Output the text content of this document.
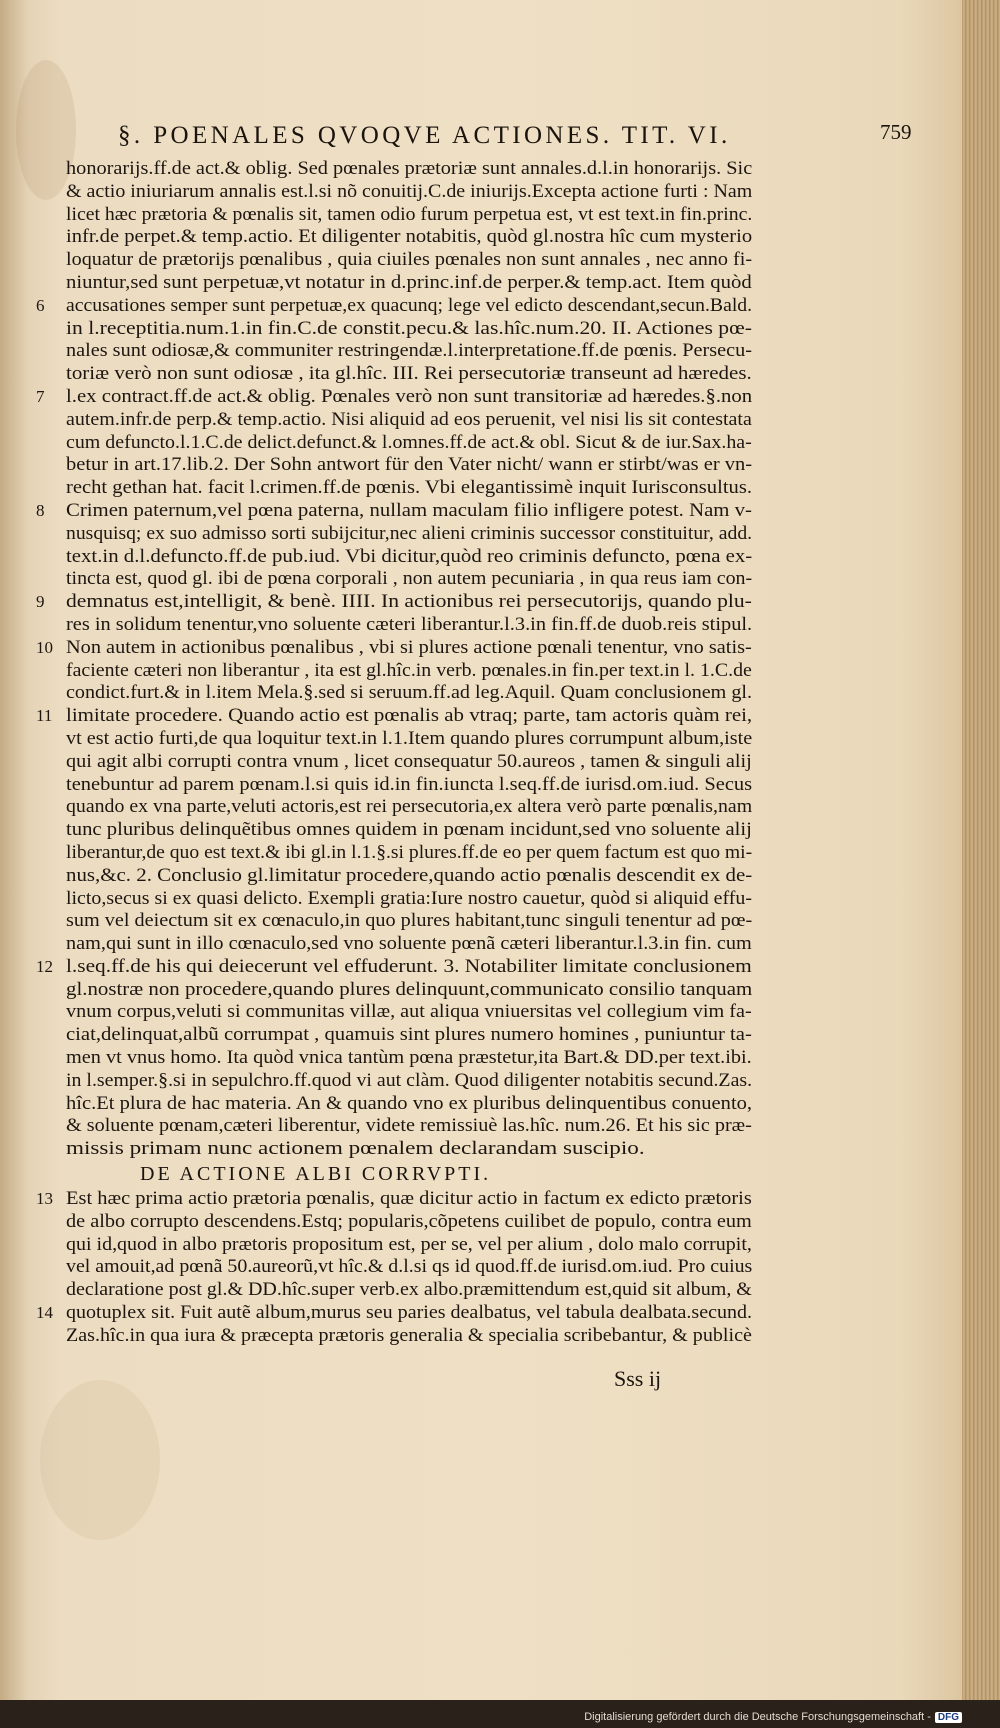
§. POENALES QVOQVE ACTIONES. TIT. VI.	759
honorarijs.ff.de act.& oblig. Sed pœnales prætoriæ sunt annales.d.l.in honorarijs. Sic
& actio iniuriarum annalis est.l.si nõ conuitij.C.de iniurijs.Excepta actione furti : Nam
licet hæc prætoria & pœnalis sit, tamen odio furum perpetua est, vt est text.in fin.princ.
infr.de perpet.& temp.actio. Et diligenter notabitis, quòd gl.nostra hîc cum mysterio
loquatur de prætorijs pœnalibus , quia ciuiles pœnales non sunt annales , nec anno fi-
niuntur,sed sunt perpetuæ,vt notatur in d.princ.inf.de perper.& temp.act. Item quòd
6 accusationes semper sunt perpetuæ,ex quacunq; lege vel edicto descendant,secun.Bald.
in l.receptitia.num.1.in fin.C.de constit.pecu.& las.hîc.num.20. II. Actiones pœ-
nales sunt odiosæ,& communiter restringendæ.l.interpretatione.ff.de pœnis. Persecu-
toriæ verò non sunt odiosæ , ita gl.hîc. III. Rei persecutoriæ transeunt ad hæredes.
7 l.ex contract.ff.de act.& oblig. Pœnales verò non sunt transitoriæ ad hæredes.§.non
autem.infr.de perp.& temp.actio. Nisi aliquid ad eos peruenit, vel nisi lis sit contestata
cum defuncto.l.1.C.de delict.defunct.& l.omnes.ff.de act.& obl. Sicut & de iur.Sax.ha-
betur in art.17.lib.2. Der Sohn antwort für den Vater nicht/ wann er stirbt/was er vn-
recht gethan hat. facit l.crimen.ff.de pœnis. Vbi elegantissimè inquit Iurisconsultus.
8 Crimen paternum,vel pœna paterna, nullam maculam filio infligere potest. Nam v-
nusquisq; ex suo admisso sorti subijcitur,nec alieni criminis successor constituitur, add.
text.in d.l.defuncto.ff.de pub.iud. Vbi dicitur,quòd reo criminis defuncto, pœna ex-
tincta est, quod gl. ibi de pœna corporali , non autem pecuniaria , in qua reus iam con-
9 demnatus est,intelligit, & benè. IIII. In actionibus rei persecutorijs, quando plu-
res in solidum tenentur,vno soluente cæteri liberantur.l.3.in fin.ff.de duob.reis stipul.
10 Non autem in actionibus pœnalibus , vbi si plures actione pœnali tenentur, vno satis-
faciente cæteri non liberantur , ita est gl.hîc.in verb. pœnales.in fin.per text.in l. 1.C.de
condict.furt.& in l.item Mela.§.sed si seruum.ff.ad leg.Aquil. Quam conclusionem gl.
11 limitate procedere. Quando actio est pœnalis ab vtraq; parte, tam actoris quàm rei,
vt est actio furti,de qua loquitur text.in l.1.Item quando plures corrumpunt album,iste
qui agit albi corrupti contra vnum , licet consequatur 50.aureos , tamen & singuli alij
tenebuntur ad parem pœnam.l.si quis id.in fin.iuncta l.seq.ff.de iurisd.om.iud. Secus
quando ex vna parte,veluti actoris,est rei persecutoria,ex altera verò parte pœnalis,nam
tunc pluribus delinquẽtibus omnes quidem in pœnam incidunt,sed vno soluente alij
liberantur,de quo est text.& ibi gl.in l.1.§.si plures.ff.de eo per quem factum est quo mi-
nus,&c. 2. Conclusio gl.limitatur procedere,quando actio pœnalis descendit ex de-
licto,secus si ex quasi delicto. Exempli gratia:Iure nostro cauetur, quòd si aliquid effu-
sum vel deiectum sit ex cœnaculo,in quo plures habitant,tunc singuli tenentur ad pœ-
nam,qui sunt in illo cœnaculo,sed vno soluente pœnã cæteri liberantur.l.3.in fin. cum
12 l.seq.ff.de his qui deiecerunt vel effuderunt. 3. Notabiliter limitate conclusionem
gl.nostræ non procedere,quando plures delinquunt,communicato consilio tanquam
vnum corpus,veluti si communitas villæ, aut aliqua vniuersitas vel collegium vim fa-
ciat,delinquat,albũ corrumpat , quamuis sint plures numero homines , puniuntur ta-
men vt vnus homo. Ita quòd vnica tantùm pœna præstetur,ita Bart.& DD.per text.ibi.
in l.semper.§.si in sepulchro.ff.quod vi aut clàm. Quod diligenter notabitis secund.Zas.
hîc.Et plura de hac materia. An & quando vno ex pluribus delinquentibus conuento,
& soluente pœnam,cæteri liberentur, videte remissiuè las.hîc. num.26. Et his sic præ-
missis primam nunc actionem pœnalem declarandam suscipio.
DE ACTIONE ALBI CORRVPTI.
13 Est hæc prima actio prætoria pœnalis, quæ dicitur actio in factum ex edicto prætoris
de albo corrupto descendens.Estq; popularis,cõpetens cuilibet de populo, contra eum
qui id,quod in albo prætoris propositum est, per se, vel per alium , dolo malo corrupit,
vel amouit,ad pœnã 50.aureorũ,vt hîc.& d.l.si qs id quod.ff.de iurisd.om.iud. Pro cuius
declaratione post gl.& DD.hîc.super verb.ex albo.præmittendum est,quid sit album, &
14 quotuplex sit. Fuit autẽ album,murus seu paries dealbatus, vel tabula dealbata.secund.
Zas.hîc.in qua iura & præcepta prætoris generalia & specialia scribebantur, & publicè
Sss ij
Digitalisierung gefördert durch die Deutsche Forschungsgemeinschaft - DFG
